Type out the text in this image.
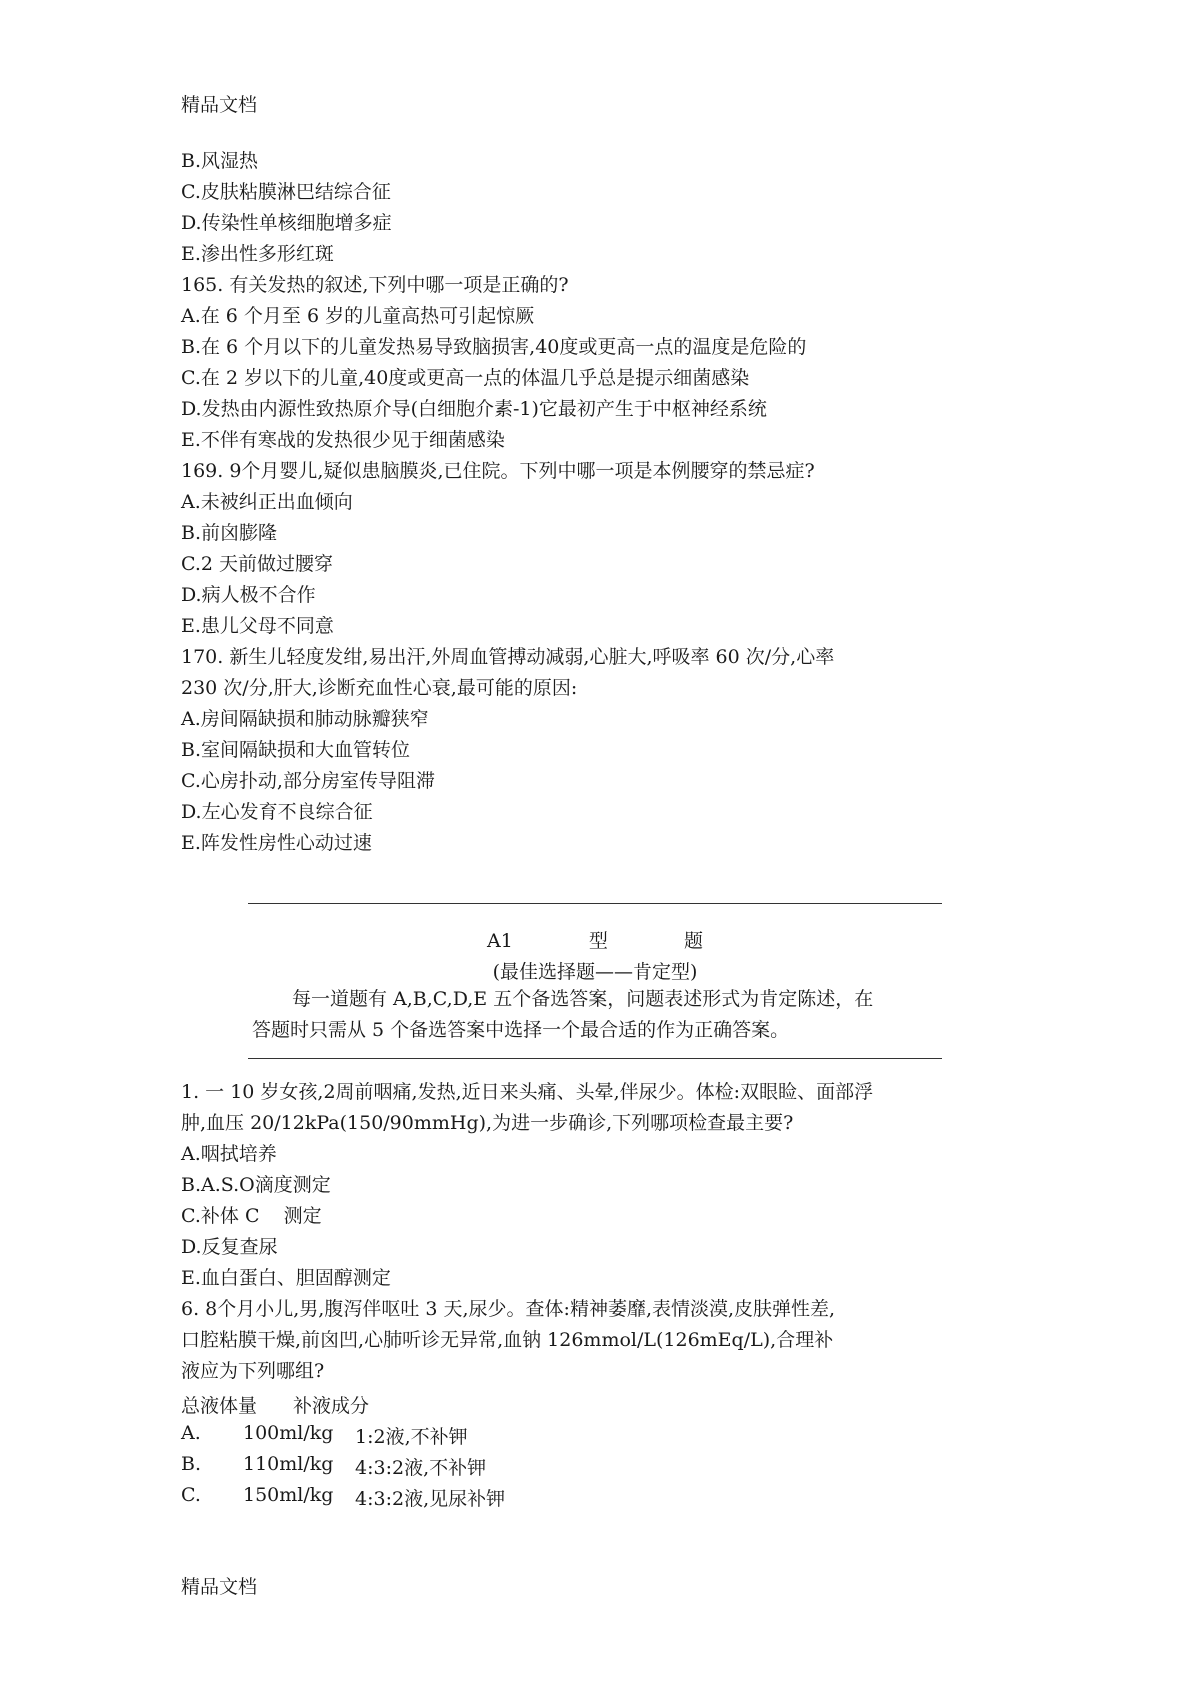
精品文档
B.风湿热
C.皮肤粘膜淋巴结综合征
D.传染性单核细胞增多症
E.渗出性多形红斑
165. 有关发热的叙述,下列中哪一项是正确的?
A.在 6 个月至 6 岁的儿童高热可引起惊厥
B.在 6 个月以下的儿童发热易导致脑损害,40度或更高一点的温度是危险的
C.在 2 岁以下的儿童,40度或更高一点的体温几乎总是提示细菌感染
D.发热由内源性致热原介导(白细胞介素-1)它最初产生于中枢神经系统
E.不伴有寒战的发热很少见于细菌感染
169. 9个月婴儿,疑似患脑膜炎,已住院。下列中哪一项是本例腰穿的禁忌症?
A.未被纠正出血倾向
B.前囟膨隆
C.2 天前做过腰穿
D.病人极不合作
E.患儿父母不同意
170. 新生儿轻度发绀,易出汗,外周血管搏动减弱,心脏大,呼吸率 60 次/分,心率
230 次/分,肝大,诊断充血性心衰,最可能的原因:
A.房间隔缺损和肺动脉瓣狭窄
B.室间隔缺损和大血管转位
C.心房扑动,部分房室传导阻滞
D.左心发育不良综合征
E.阵发性房性心动过速
A1	型	题
(最佳选择题——肯定型)

每一道题有 A,B,C,D,E 五个备选答案，问题表述形式为肯定陈述，在

答题时只需从 5 个备选答案中选择一个最合适的作为正确答案。

1. 一 10 岁女孩,2周前咽痛,发热,近日来头痛、头晕,伴尿少。体检:双眼睑、面部浮
肿,血压 20/12kPa(150/90mmHg),为进一步确诊,下列哪项检查最主要?
A.咽拭培养
B.A.S.O滴度测定
C.补体 C    测定
D.反复查尿
E.血白蛋白、胆固醇测定
6. 8个月小儿,男,腹泻伴呕吐 3 天,尿少。查体:精神萎靡,表情淡漠,皮肤弹性差,
口腔粘膜干燥,前囟凹,心肺听诊无异常,血钠 126mmol/L(126mEq/L),合理补
液应为下列哪组?
总液体量 补液成分
A. 100ml/kg 1:2液,不补钾
B. 110ml/kg 4:3:2液,不补钾
C. 150ml/kg 4:3:2液,见尿补钾
精品文档
